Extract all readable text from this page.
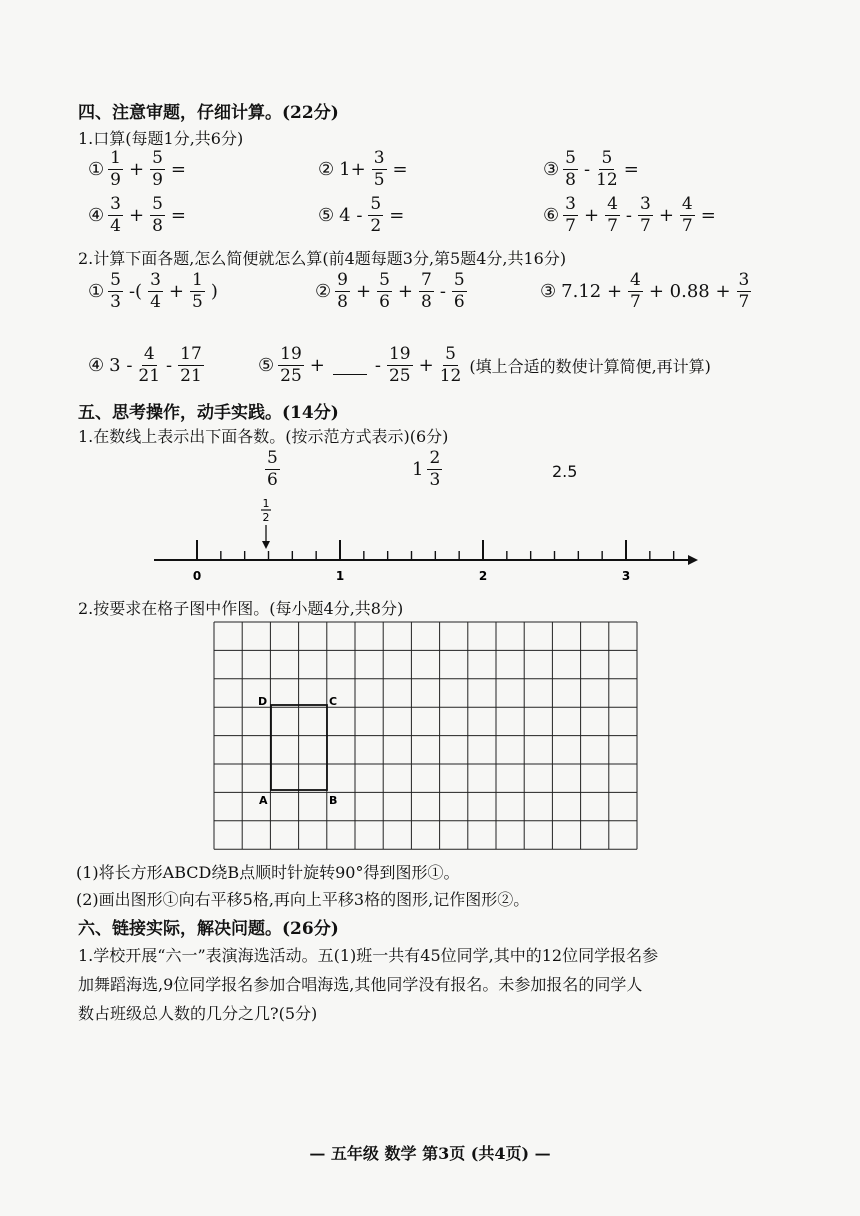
四、注意审题，仔细计算。(22分)
1.口算(每题1分,共6分)
① $\frac{1}{9} + \frac{5}{9}$ =	② $1+ \frac{3}{5}$ =	③ $\frac{5}{8} - \frac{5}{12}$ =
④ $\frac{3}{4} + \frac{5}{8}$ =	⑤ $4 - \frac{5}{2}$ =	⑥ $\frac{3}{7} + \frac{4}{7} - \frac{3}{7} + \frac{4}{7}$ =
2.计算下面各题,怎么简便就怎么算(前4题每题3分,第5题4分,共16分)
① $\frac{5}{3}$ -( $\frac{3}{4} + \frac{1}{5}$ )	② $\frac{9}{8} + \frac{5}{6} + \frac{7}{8} - \frac{5}{6}$	③ $7.12 + \frac{4}{7} + 0.88 + \frac{3}{7}$
④ $3 - \frac{4}{21} - \frac{17}{21}$	⑤ $\frac{19}{25}$ +	- $\frac{19}{25} + \frac{5}{12}$ (填上合适的数使计算简便,再计算)
五、思考操作，动手实践。(14分)
1.在数线上表示出下面各数。(按示范方式表示)(6分)
$\frac{5}{6}$	$1 \frac{2}{3}$	2.5
1
2
0	1	2	3
2.按要求在格子图中作图。(每小题4分,共8分)
D	C
A	B
(1)将长方形ABCD绕B点顺时针旋转90°得到图形①。
(2)画出图形①向右平移5格,再向上平移3格的图形,记作图形②。
六、链接实际，解决问题。(26分)
1.学校开展“六一”表演海选活动。五(1)班一共有45位同学,其中的12位同学报名参
加舞蹈海选,9位同学报名参加合唱海选,其他同学没有报名。未参加报名的同学人
数占班级总人数的几分之几?(5分)
— 五年级 数学 第3页 (共4页) —
